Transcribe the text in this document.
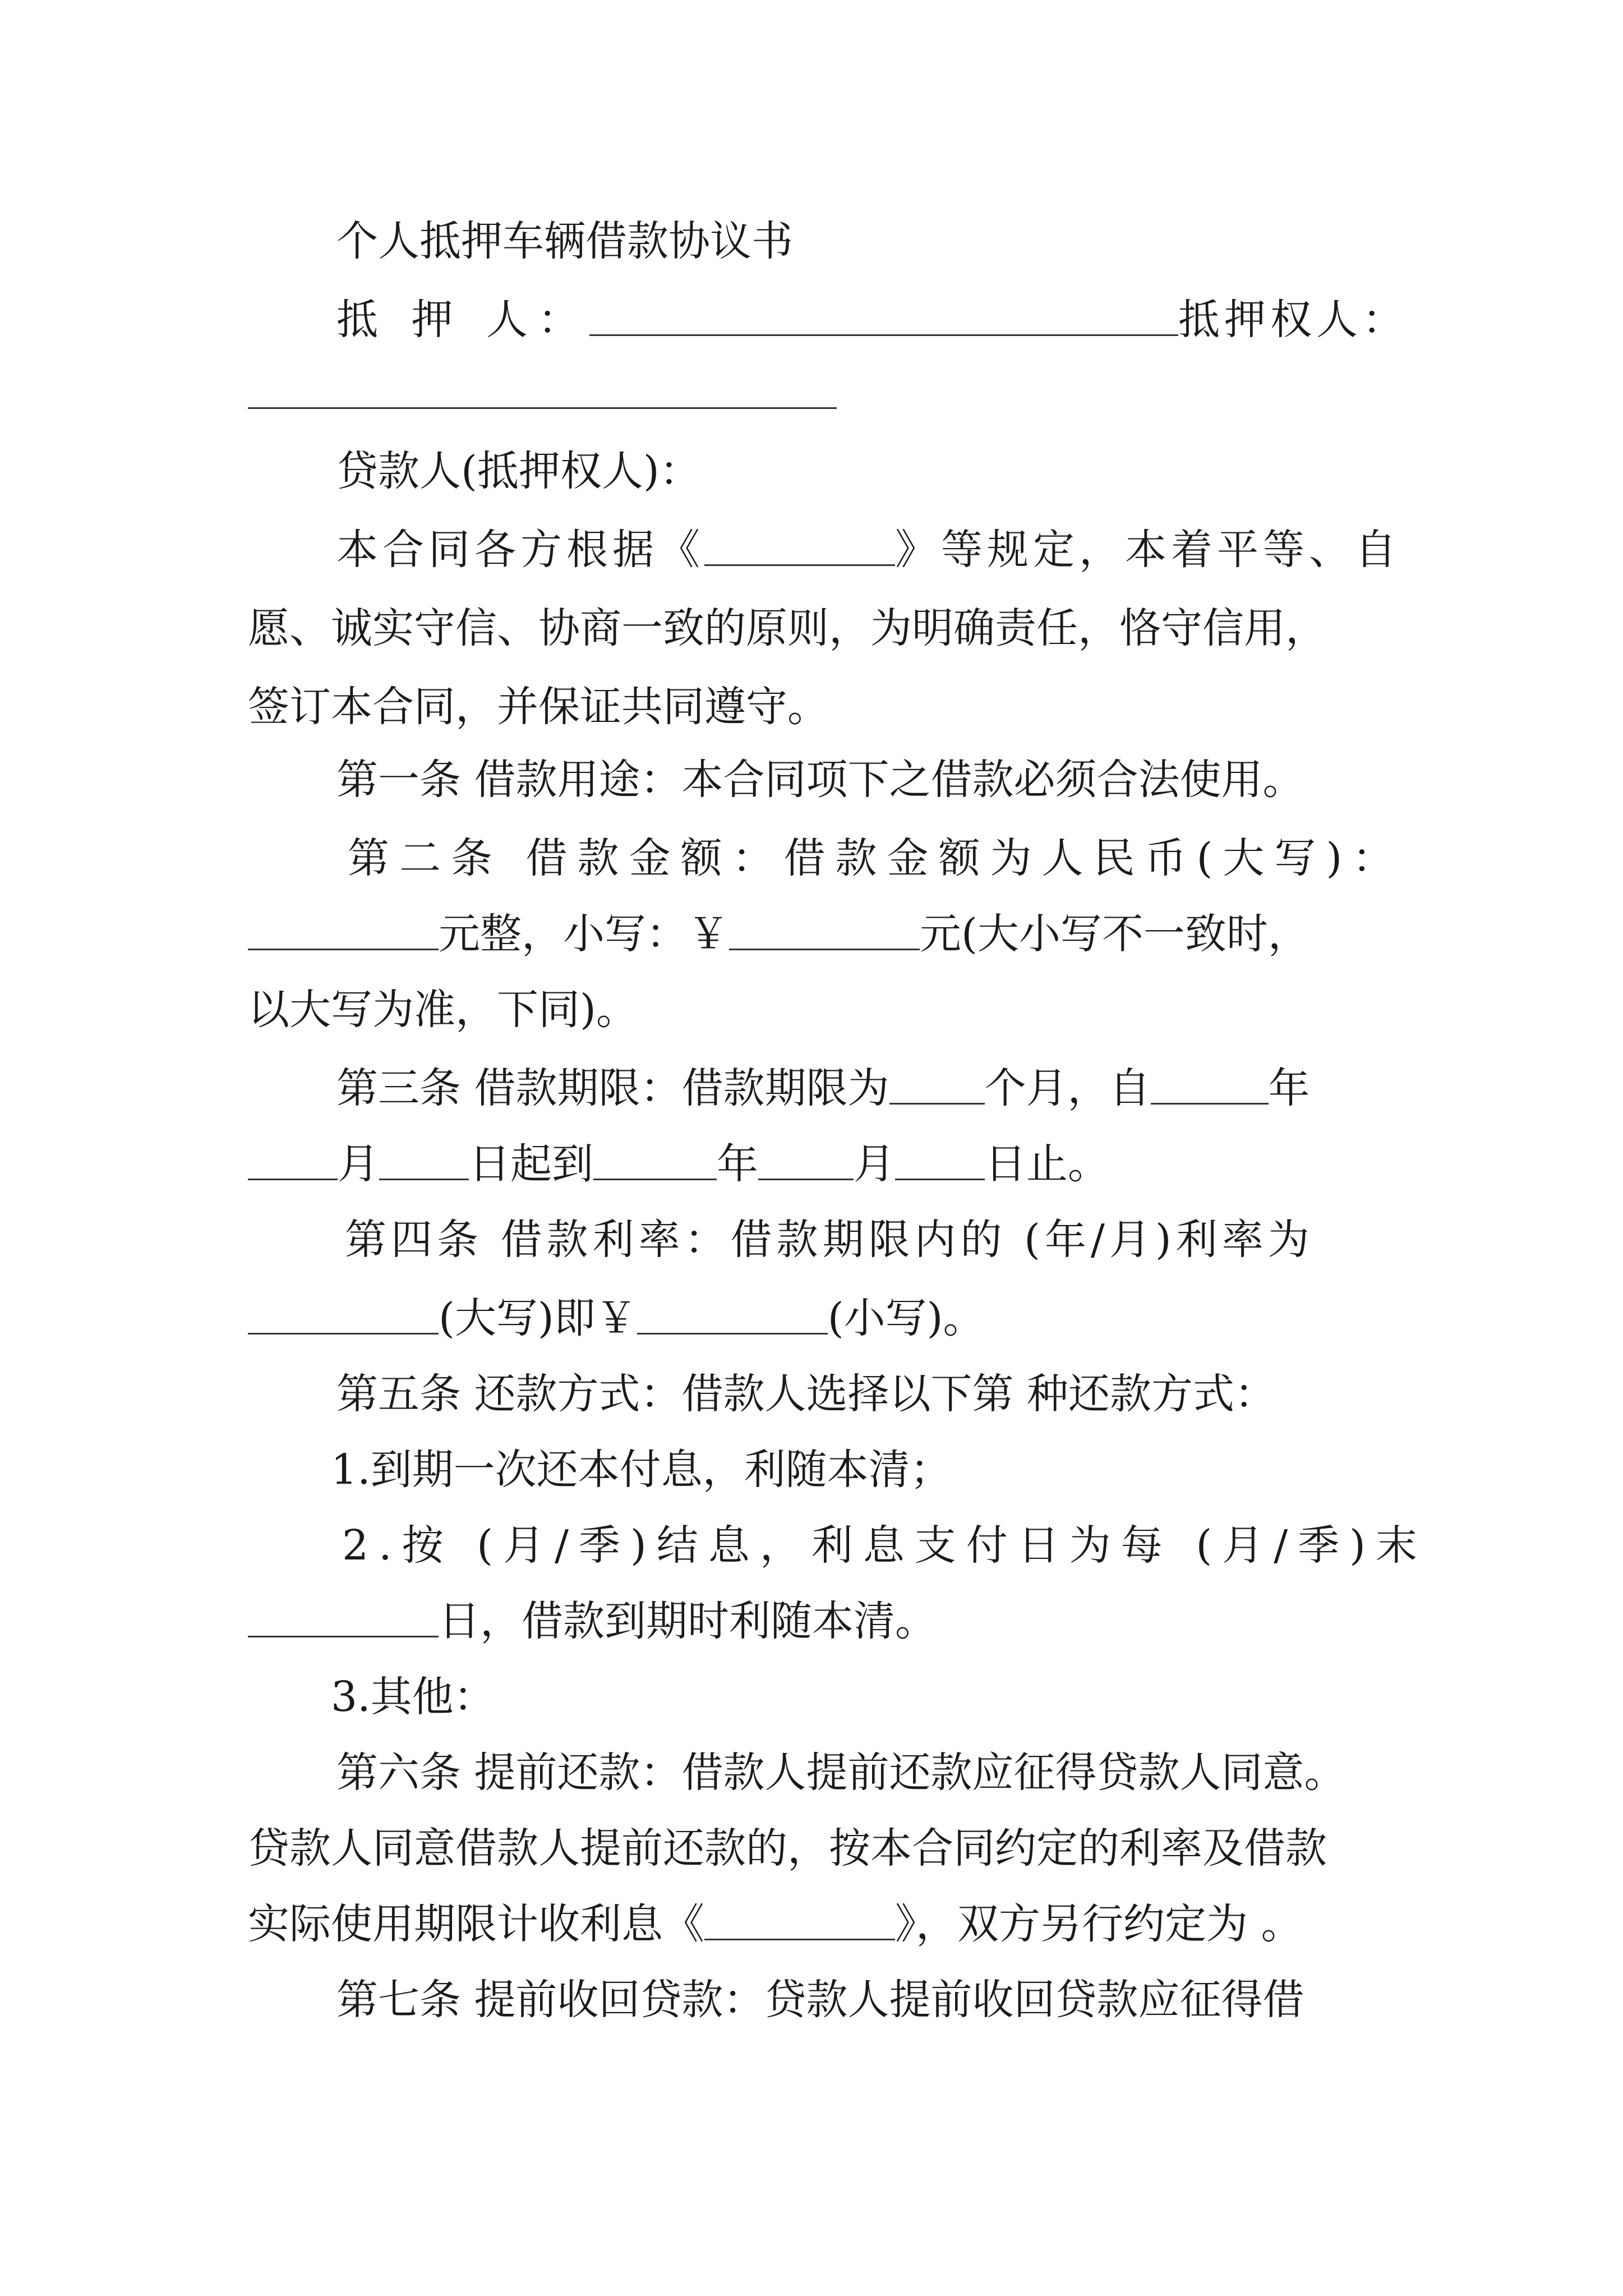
个人抵押车辆借款协议书
抵 押 人：	抵押权人：
贷款人(抵押权人)：
本合同各方根据《	》等规定，本着平等、自
愿、诚实守信、协商一致的原则，为明确责任，恪守信用，
签订本合同，并保证共同遵守。
第一条 借款用途：本合同项下之借款必须合法使用。
第二条 借款金额：借款金额为人民币(大写)：
元整，小写：￥	元(大小写不一致时，
以大写为准，下同)。
第三条 借款期限：借款期限为 个月，自	年
月 日起到	年 月 日止。
第四条 借款利率：借款期限内的 (年/月)利率为
(大写)即￥	(小写)。
第五条 还款方式：借款人选择以下第 种还款方式：
1.到期一次还本付息，利随本清；
2.按 (月/季)结息，利息支付日为每 (月/季)末
日，借款到期时利随本清。
3.其他：
第六条 提前还款：借款人提前还款应征得贷款人同意。
贷款人同意借款人提前还款的，按本合同约定的利率及借款
实际使用期限计收利息《	》，双方另行约定为 。
第七条 提前收回贷款：贷款人提前收回贷款应征得借
